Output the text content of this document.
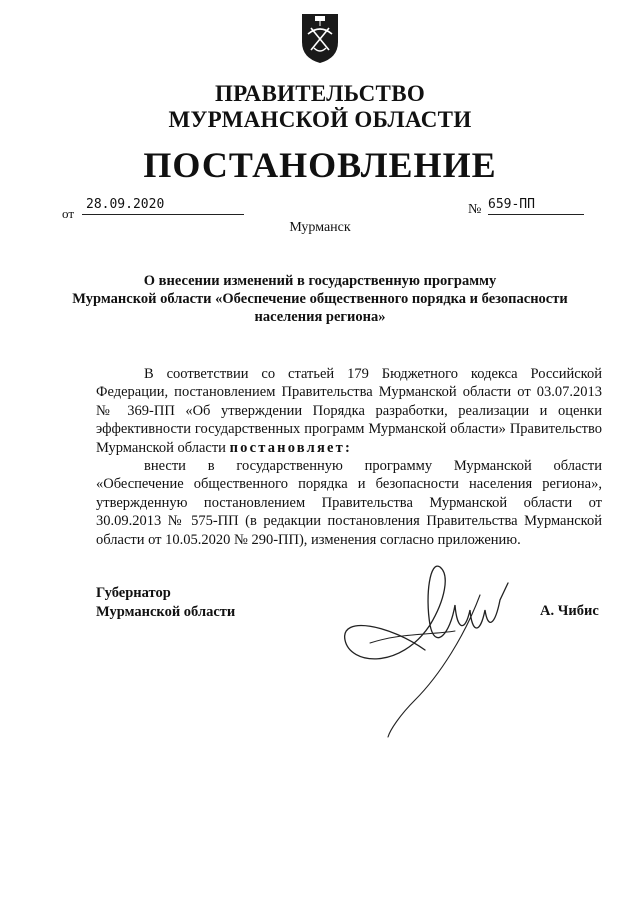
ПРАВИТЕЛЬСТВО
МУРМАНСКОЙ ОБЛАСТИ
ПОСТАНОВЛЕНИЕ
от
28.09.2020	№ 659-ПП
Мурманск
О внесении изменений в государственную программу
Мурманской области «Обеспечение общественного порядка и безопасности
населения региона»

В соответствии со статьей 179 Бюджетного кодекса Российской Федерации, постановлением Правительства Мурманской области от 03.07.2013 № 369-ПП «Об утверждении Порядка разработки, реализации и оценки эффективности государственных программ Мурманской области» Правительство Мурманской области постановляет:

внести в государственную программу Мурманской области «Обеспечение общественного порядка и безопасности населения региона», утвержденную постановлением Правительства Мурманской области от 30.09.2013 № 575-ПП (в редакции постановления Правительства Мурманской области от 10.05.2020 № 290-ПП), изменения согласно приложению.

Губернатор
Мурманской области	А. Чибис
